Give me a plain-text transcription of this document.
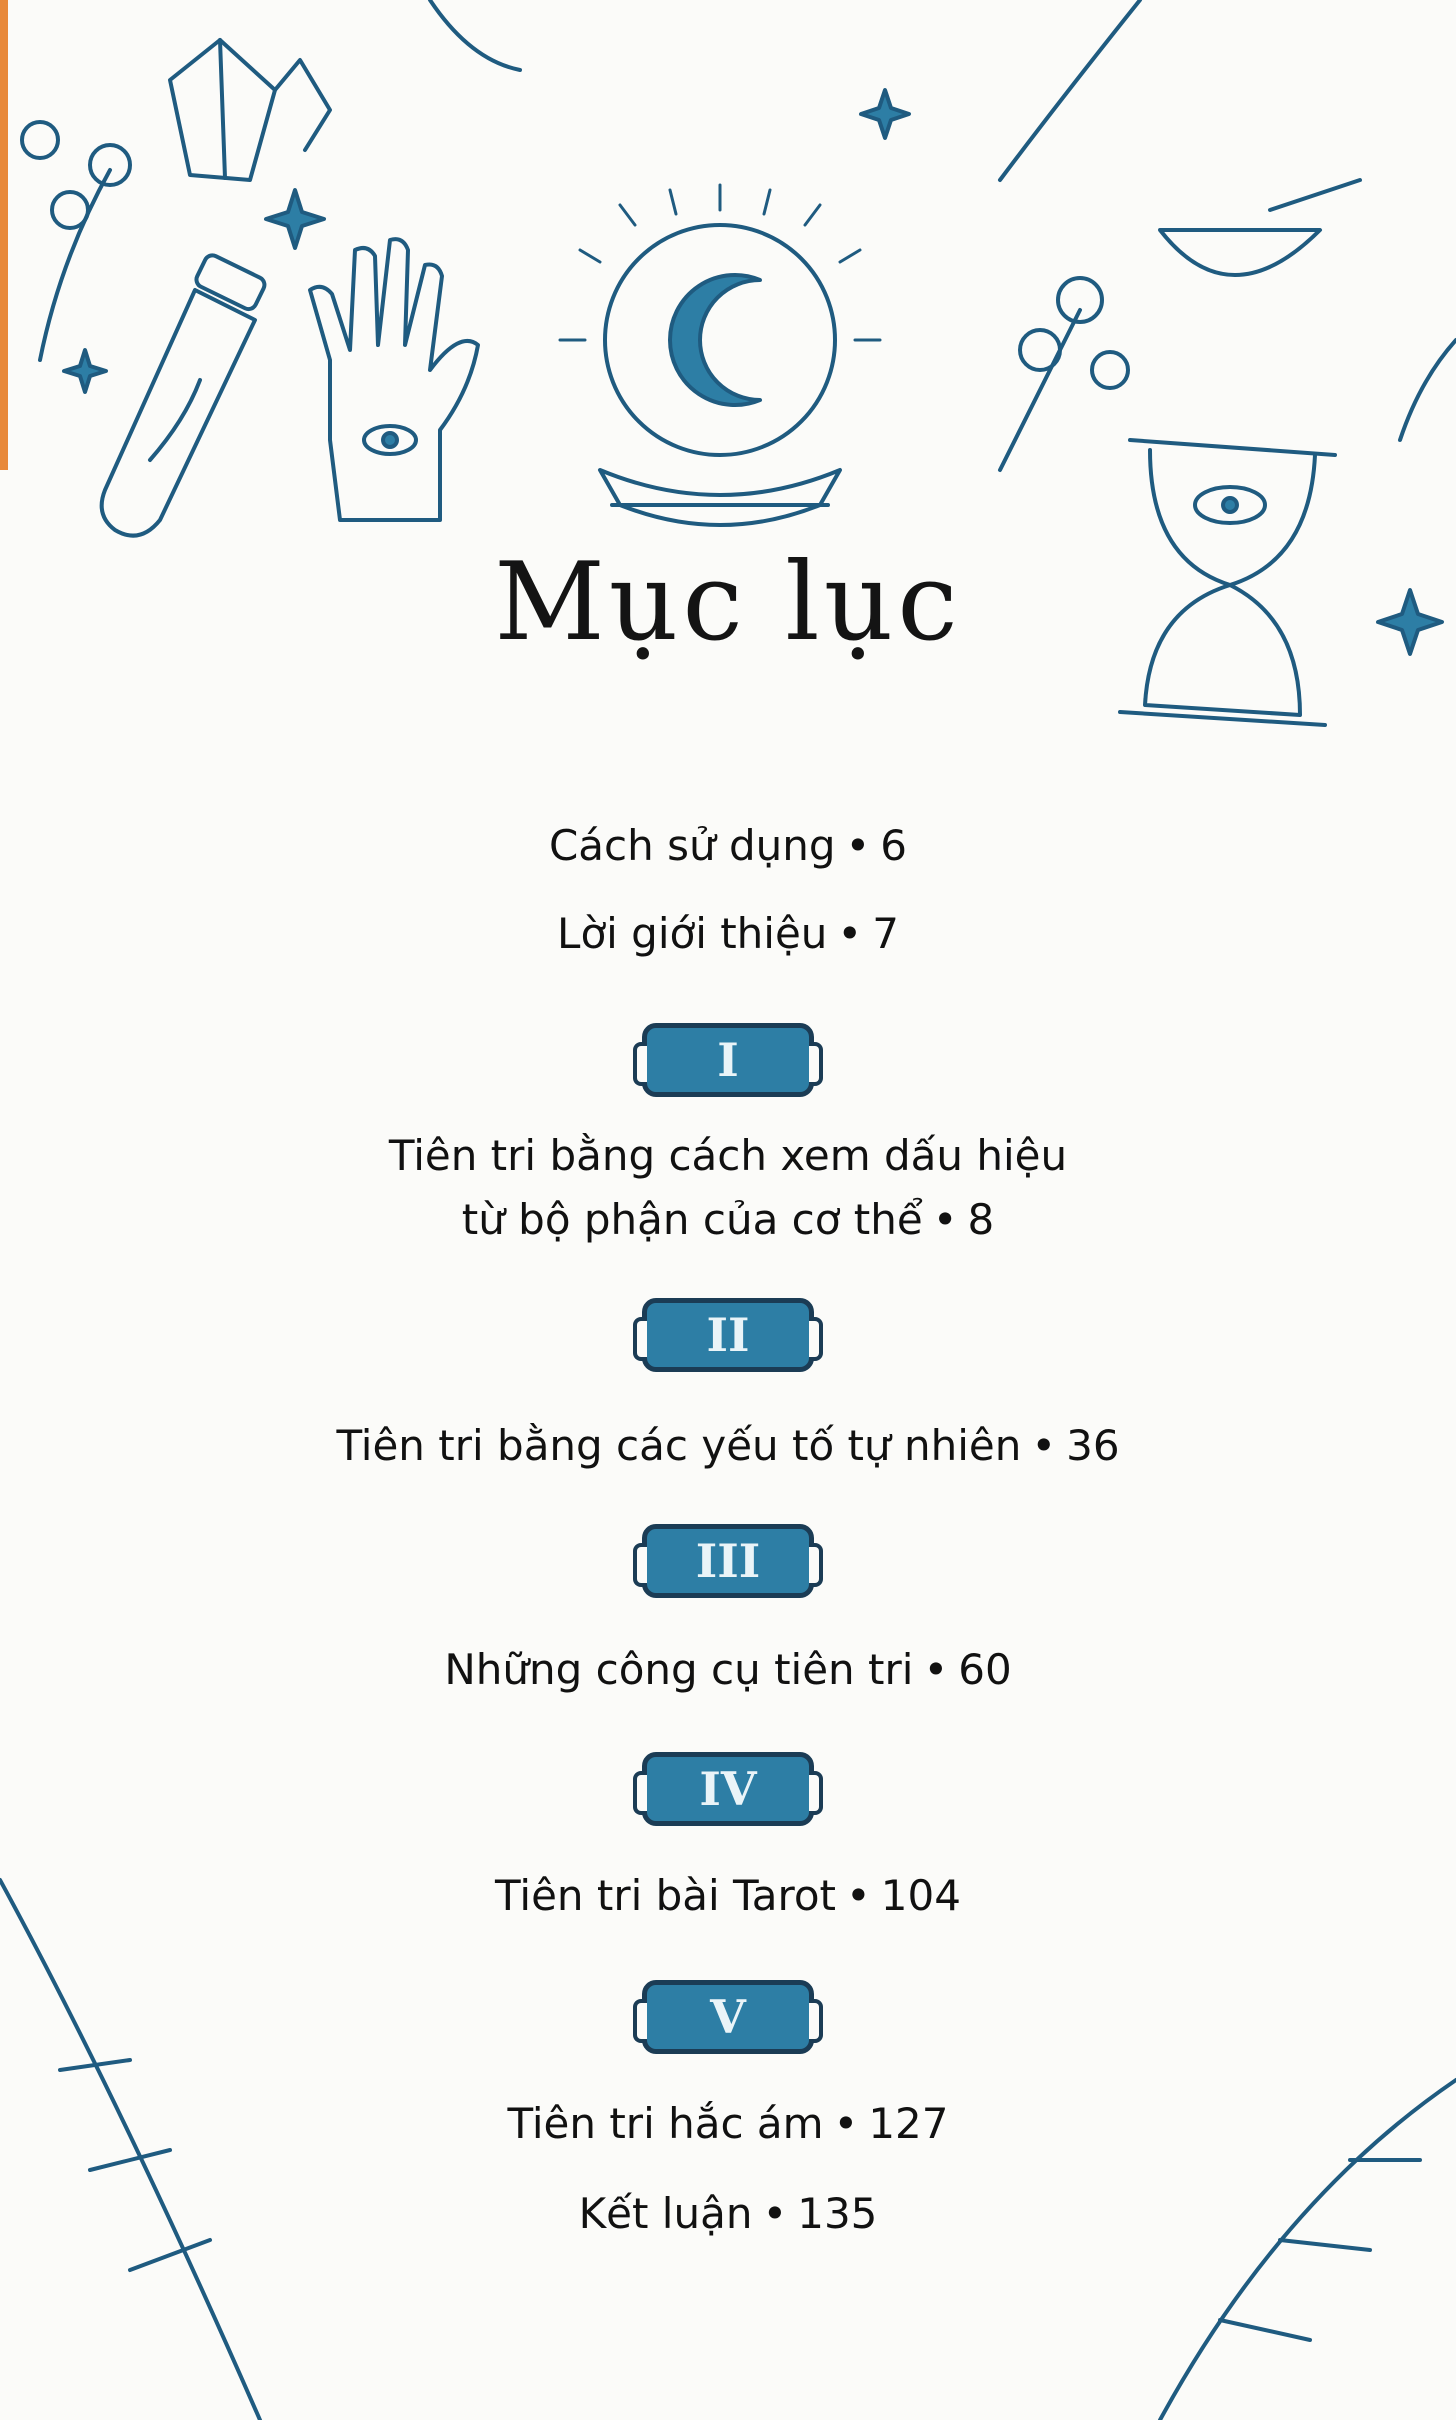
Mục lục
Cách sử dụng • 6
Lời giới thiệu • 7
I
Tiên tri bằng cách xem dấu hiệu
từ bộ phận của cơ thể • 8
II
Tiên tri bằng các yếu tố tự nhiên • 36
III
Những công cụ tiên tri • 60
IV
Tiên tri bài Tarot • 104
V
Tiên tri hắc ám • 127
Kết luận • 135
